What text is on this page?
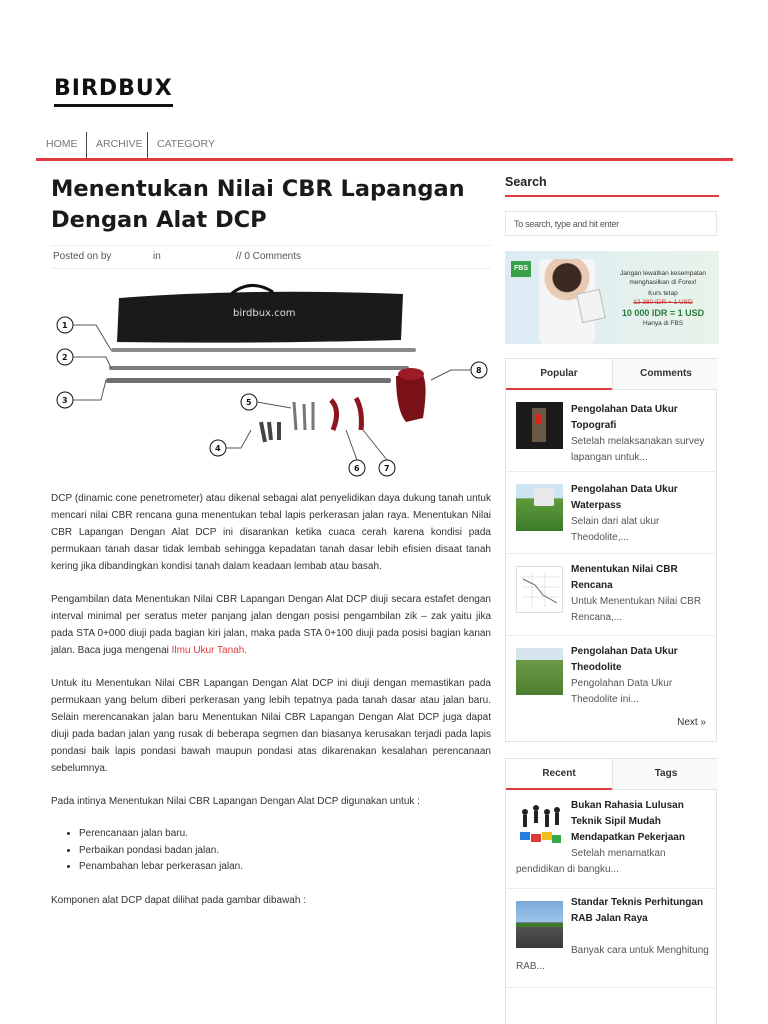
BIRDBUX
HOME	ARCHIVE	CATEGORY
Menentukan Nilai CBR Lapangan Dengan Alat DCP
Posted on by	in	// 0 Comments
birdbux.com
1
2
3
4
5
6	7
8

DCP (dinamic cone penetrometer) atau dikenal sebagai alat penyelidikan daya dukung tanah untuk mencari nilai CBR rencana guna menentukan tebal lapis perkerasan jalan raya. Menentukan Nilai CBR Lapangan Dengan Alat DCP ini disarankan ketika cuaca cerah karena kondisi pada permukaan tanah dasar tidak lembab sehingga kepadatan tanah dasar lebih efisien disaat tanah kering jika dibandingkan kondisi tanah dalam keadaan lembab atau basah.

Pengambilan data Menentukan Nilai CBR Lapangan Dengan Alat DCP diuji secara estafet dengan interval minimal per seratus meter panjang jalan dengan posisi pengambilan zik – zak yaitu jika pada STA 0+000 diuji pada bagian kiri jalan, maka pada STA 0+100 diuji pada posisi bagian kanan jalan. Baca juga mengenai Ilmu Ukur Tanah.

Untuk itu Menentukan Nilai CBR Lapangan Dengan Alat DCP ini diuji dengan memastikan pada permukaan yang belum diberi perkerasan yang lebih tepatnya pada tanah dasar atau jalan baru. Selain merencanakan jalan baru Menentukan Nilai CBR Lapangan Dengan Alat DCP juga dapat diuji pada badan jalan yang rusak di beberapa segmen dan biasanya kerusakan terjadi pada lapis pondasi baik lapis pondasi bawah maupun pondasi atas dikarenakan kesalahan perencanaan sebelumnya.

Pada intinya Menentukan Nilai CBR Lapangan Dengan Alat DCP digunakan untuk :

• Perencanaan jalan baru.
• Perbaikan pondasi badan jalan.
• Penambahan lebar perkerasan jalan.

Komponen alat DCP dapat dilihat pada gambar dibawah :

Search
To search, type and hit enter
FBS
Jangan lewatkan kesempatan
menghasilkan di Forex!
Kurs tetap
12 380 IDR = 1 USD
10 000 IDR = 1 USD
Hanya di FBS
Popular	Comments
Pengolahan Data Ukur Topografi
Setelah melaksanakan survey lapangan untuk...
Pengolahan Data Ukur Waterpass
Selain dari alat ukur Theodolite,...
Menentukan Nilai CBR Rencana
Untuk Menentukan Nilai CBR Rencana,...
Pengolahan Data Ukur Theodolite
Pengolahan Data Ukur Theodolite ini...
Next »
Recent	Tags
Bukan Rahasia Lulusan Teknik Sipil Mudah Mendapatkan Pekerjaan
Setelah menamatkan pendidikan di bangku...
Standar Teknis Perhitungan RAB Jalan Raya
Banyak cara untuk Menghitung RAB...
